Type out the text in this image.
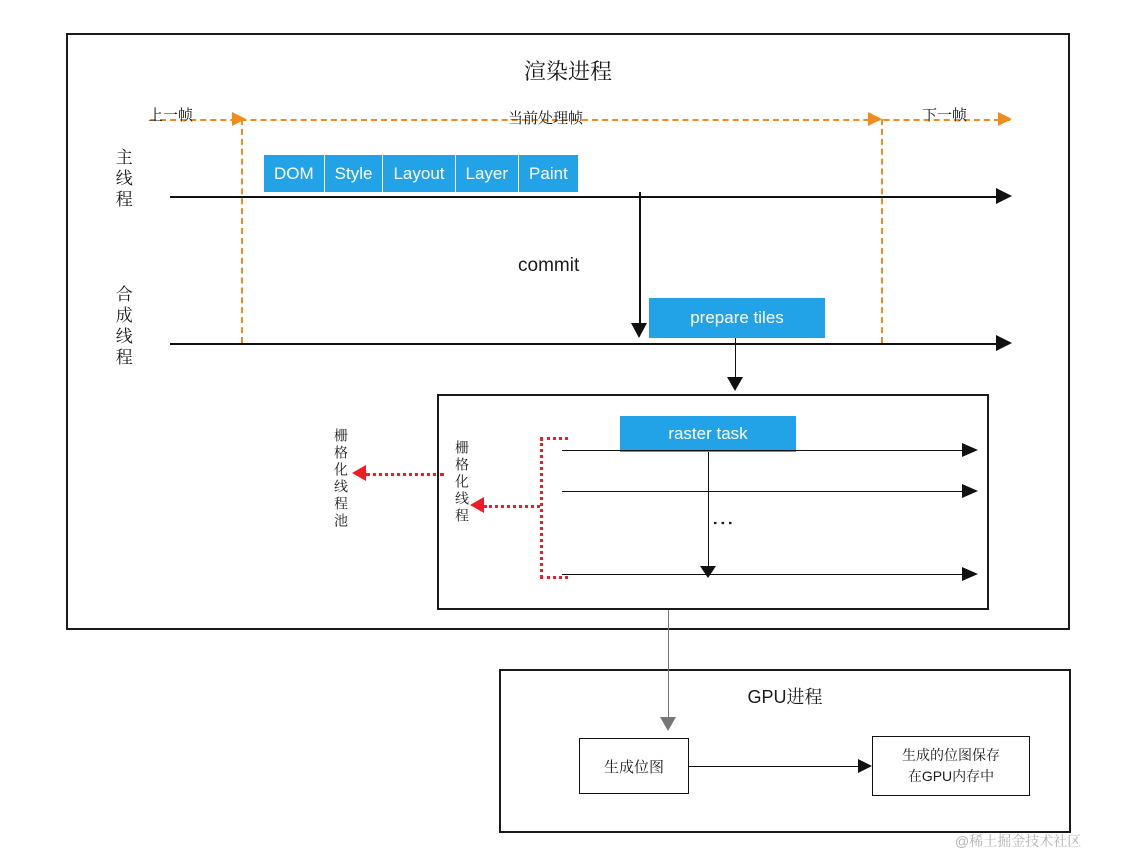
渲染进程
GPU进程
上一帧	当前处理帧	下一帧
主线程
合成线程
栅格化线程池	栅格化线程
DOM	Style	Layout	Layer	Paint
commit
prepare tiles
raster task
⋮
生成位图
生成的位图保存
在GPU内存中
@稀土掘金技术社区
